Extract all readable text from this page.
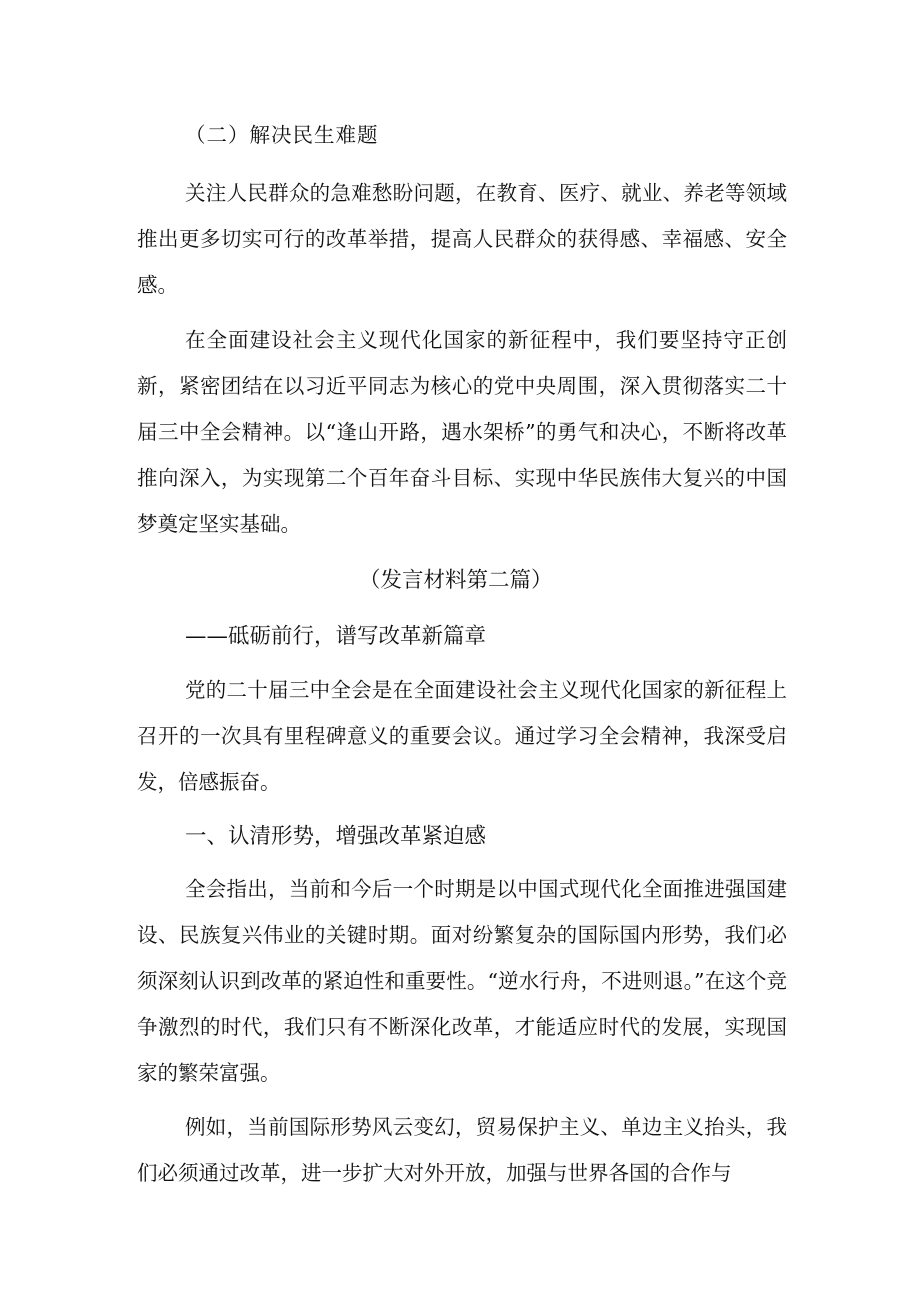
（二）解决民生难题

关注人民群众的急难愁盼问题，在教育、医疗、就业、养老等领域推出更多切实可行的改革举措，提高人民群众的获得感、幸福感、安全感。

在全面建设社会主义现代化国家的新征程中，我们要坚持守正创新，紧密团结在以习近平同志为核心的党中央周围，深入贯彻落实二十届三中全会精神。以“逢山开路，遇水架桥”的勇气和决心，不断将改革推向深入，为实现第二个百年奋斗目标、实现中华民族伟大复兴的中国梦奠定坚实基础。

（发言材料第二篇）

——砥砺前行，谱写改革新篇章

党的二十届三中全会是在全面建设社会主义现代化国家的新征程上召开的一次具有里程碑意义的重要会议。通过学习全会精神，我深受启发，倍感振奋。

一、认清形势，增强改革紧迫感

全会指出，当前和今后一个时期是以中国式现代化全面推进强国建设、民族复兴伟业的关键时期。面对纷繁复杂的国际国内形势，我们必须深刻认识到改革的紧迫性和重要性。“逆水行舟，不进则退。”在这个竞争激烈的时代，我们只有不断深化改革，才能适应时代的发展，实现国家的繁荣富强。

例如，当前国际形势风云变幻，贸易保护主义、单边主义抬头，我们必须通过改革，进一步扩大对外开放，加强与世界各国的合作与
